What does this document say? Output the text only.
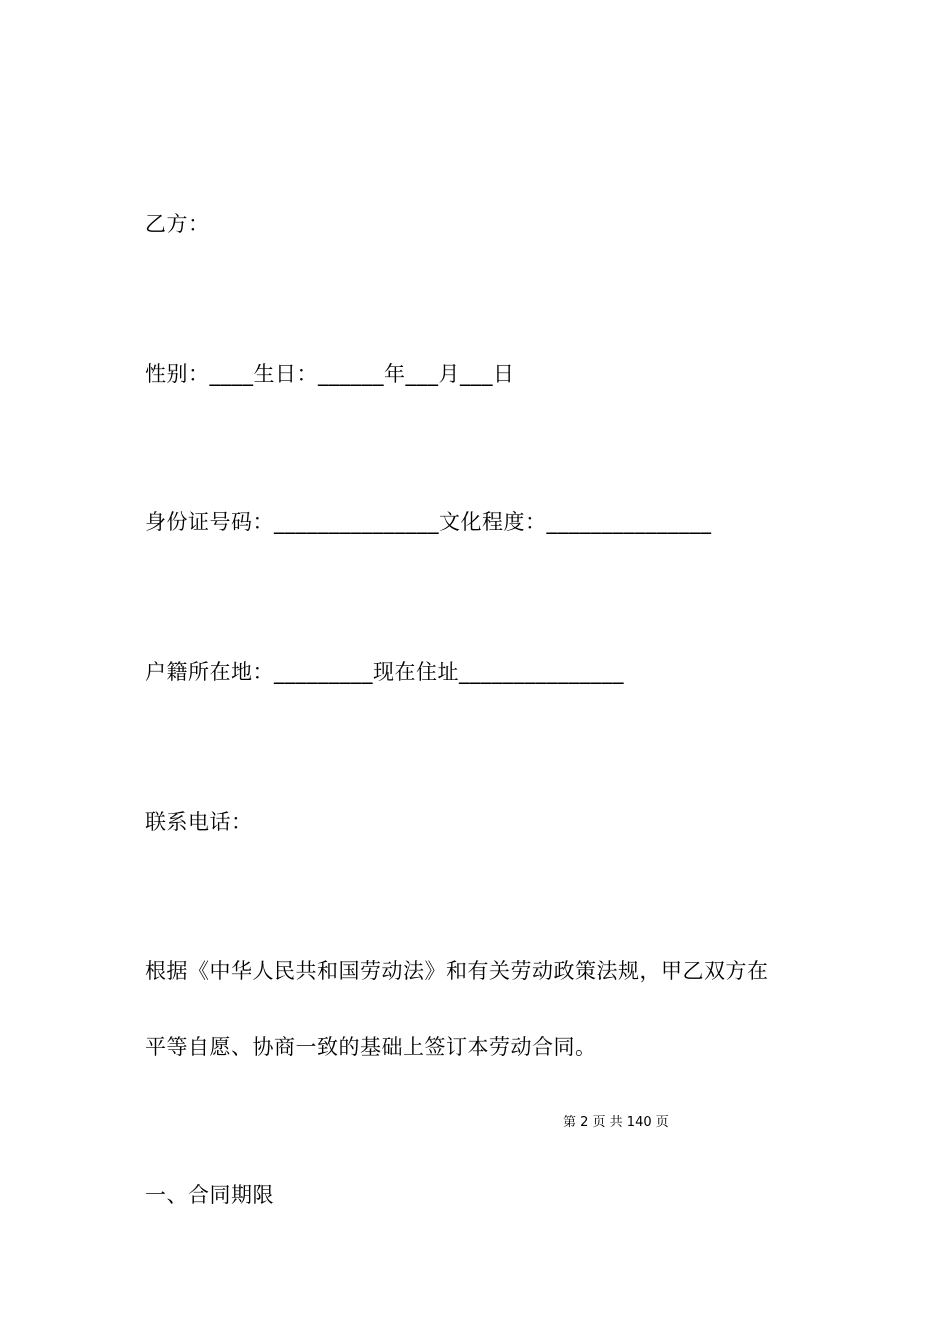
乙方：
性别：____生日：______年___月___日
身份证号码：_______________文化程度：_______________
户籍所在地：_________现在住址_______________
联系电话：
根据《中华人民共和国劳动法》和有关劳动政策法规，甲乙双方在
平等自愿、协商一致的基础上签订本劳动合同。
第 2 页 共 140 页
一、合同期限
